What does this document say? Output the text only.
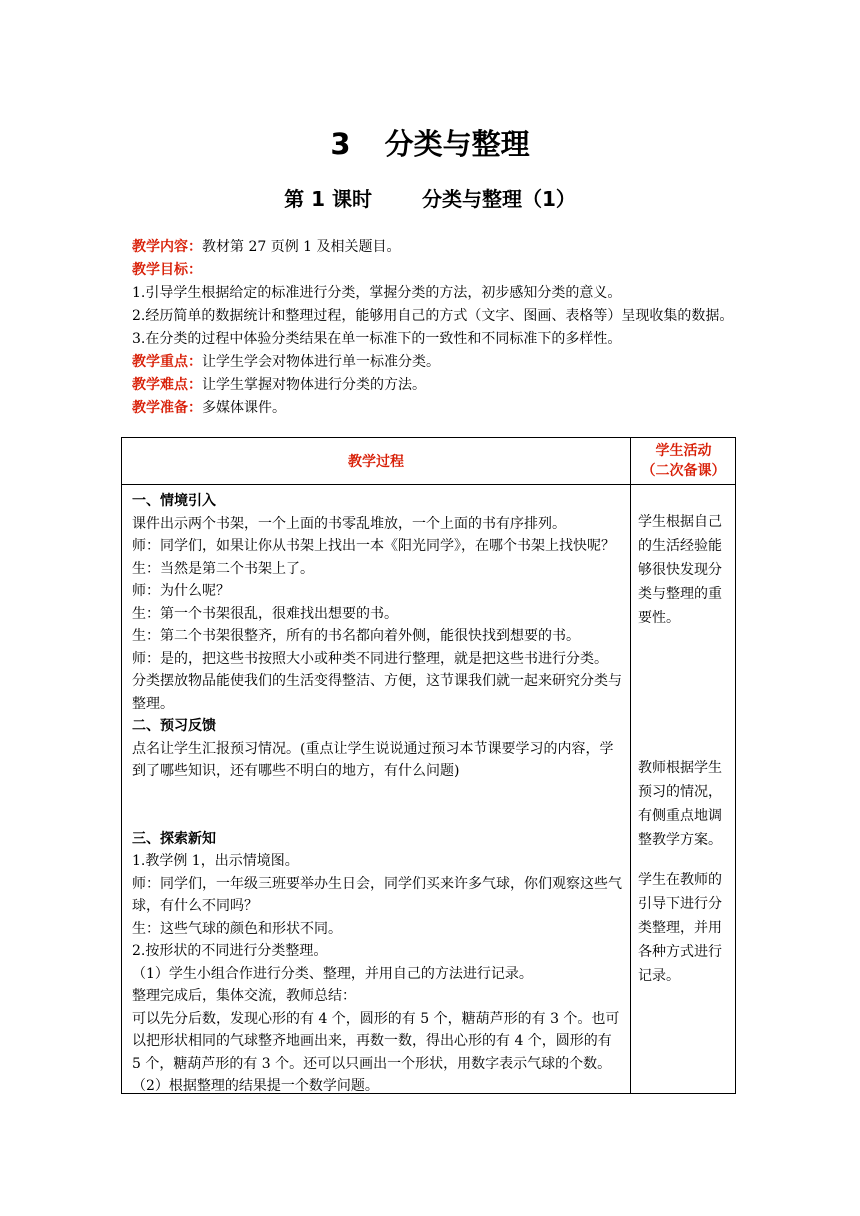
3 分类与整理
第 1 课时	分类与整理（1）

教学内容：教材第 27 页例 1 及相关题目。

教学目标：

1.引导学生根据给定的标准进行分类，掌握分类的方法，初步感知分类的意义。

2.经历简单的数据统计和整理过程，能够用自己的方式（文字、图画、表格等）呈现收集的数据。

3.在分类的过程中体验分类结果在单一标准下的一致性和不同标准下的多样性。

教学重点：让学生学会对物体进行单一标准分类。

教学难点：让学生掌握对物体进行分类的方法。

教学准备：多媒体课件。

教学过程
学生活动
（二次备课）

一、情境引入

课件出示两个书架，一个上面的书零乱堆放，一个上面的书有序排列。

师：同学们，如果让你从书架上找出一本《阳光同学》，在哪个书架上找快呢？

生：当然是第二个书架上了。

师：为什么呢？

生：第一个书架很乱，很难找出想要的书。

生：第二个书架很整齐，所有的书名都向着外侧，能很快找到想要的书。

师：是的，把这些书按照大小或种类不同进行整理，就是把这些书进行分类。

分类摆放物品能使我们的生活变得整洁、方便，这节课我们就一起来研究分类与整理。

二、预习反馈

点名让学生汇报预习情况。(重点让学生说说通过预习本节课要学习的内容，学到了哪些知识，还有哪些不明白的地方，有什么问题)

三、探索新知

1.教学例 1，出示情境图。

师：同学们，一年级三班要举办生日会，同学们买来许多气球，你们观察这些气球，有什么不同吗？

生：这些气球的颜色和形状不同。

2.按形状的不同进行分类整理。

（1）学生小组合作进行分类、整理，并用自己的方法进行记录。

整理完成后，集体交流，教师总结：

可以先分后数，发现心形的有 4 个，圆形的有 5 个，糖葫芦形的有 3 个。也可以把形状相同的气球整齐地画出来，再数一数，得出心形的有 4 个，圆形的有 5 个，糖葫芦形的有 3 个。还可以只画出一个形状，用数字表示气球的个数。

（2）根据整理的结果提一个数学问题。

学生根据自己的生活经验能够很快发现分类与整理的重要性。
教师根据学生预习的情况，有侧重点地调整教学方案。
学生在教师的引导下进行分类整理，并用各种方式进行记录。
